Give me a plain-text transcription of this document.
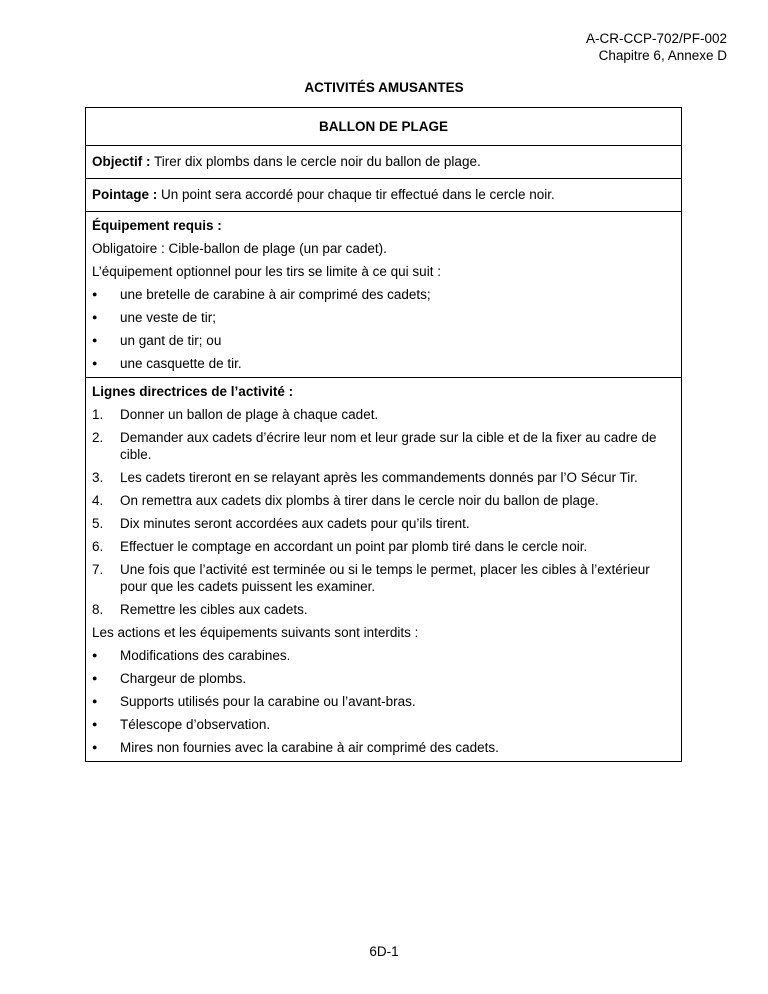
A-CR-CCP-702/PF-002
Chapitre 6, Annexe D
ACTIVITÉS AMUSANTES
BALLON DE PLAGE
Objectif : Tirer dix plombs dans le cercle noir du ballon de plage.
Pointage : Un point sera accordé pour chaque tir effectué dans le cercle noir.
Équipement requis :
Obligatoire : Cible-ballon de plage (un par cadet).
L’équipement optionnel pour les tirs se limite à ce qui suit :
●	une bretelle de carabine à air comprimé des cadets;
●	une veste de tir;
●	un gant de tir; ou
●	une casquette de tir.
Lignes directrices de l’activité :
1.	Donner un ballon de plage à chaque cadet.
2.	Demander aux cadets d’écrire leur nom et leur grade sur la cible et de la fixer au cadre de cible.
3.	Les cadets tireront en se relayant après les commandements donnés par l’O Sécur Tir.
4.	On remettra aux cadets dix plombs à tirer dans le cercle noir du ballon de plage.
5.	Dix minutes seront accordées aux cadets pour qu’ils tirent.
6.	Effectuer le comptage en accordant un point par plomb tiré dans le cercle noir.
7.	Une fois que l’activité est terminée ou si le temps le permet, placer les cibles à l’extérieur pour que les cadets puissent les examiner.
8.	Remettre les cibles aux cadets.
Les actions et les équipements suivants sont interdits :
●	Modifications des carabines.
●	Chargeur de plombs.
●	Supports utilisés pour la carabine ou l’avant-bras.
●	Télescope d’observation.
●	Mires non fournies avec la carabine à air comprimé des cadets.
6D-1
